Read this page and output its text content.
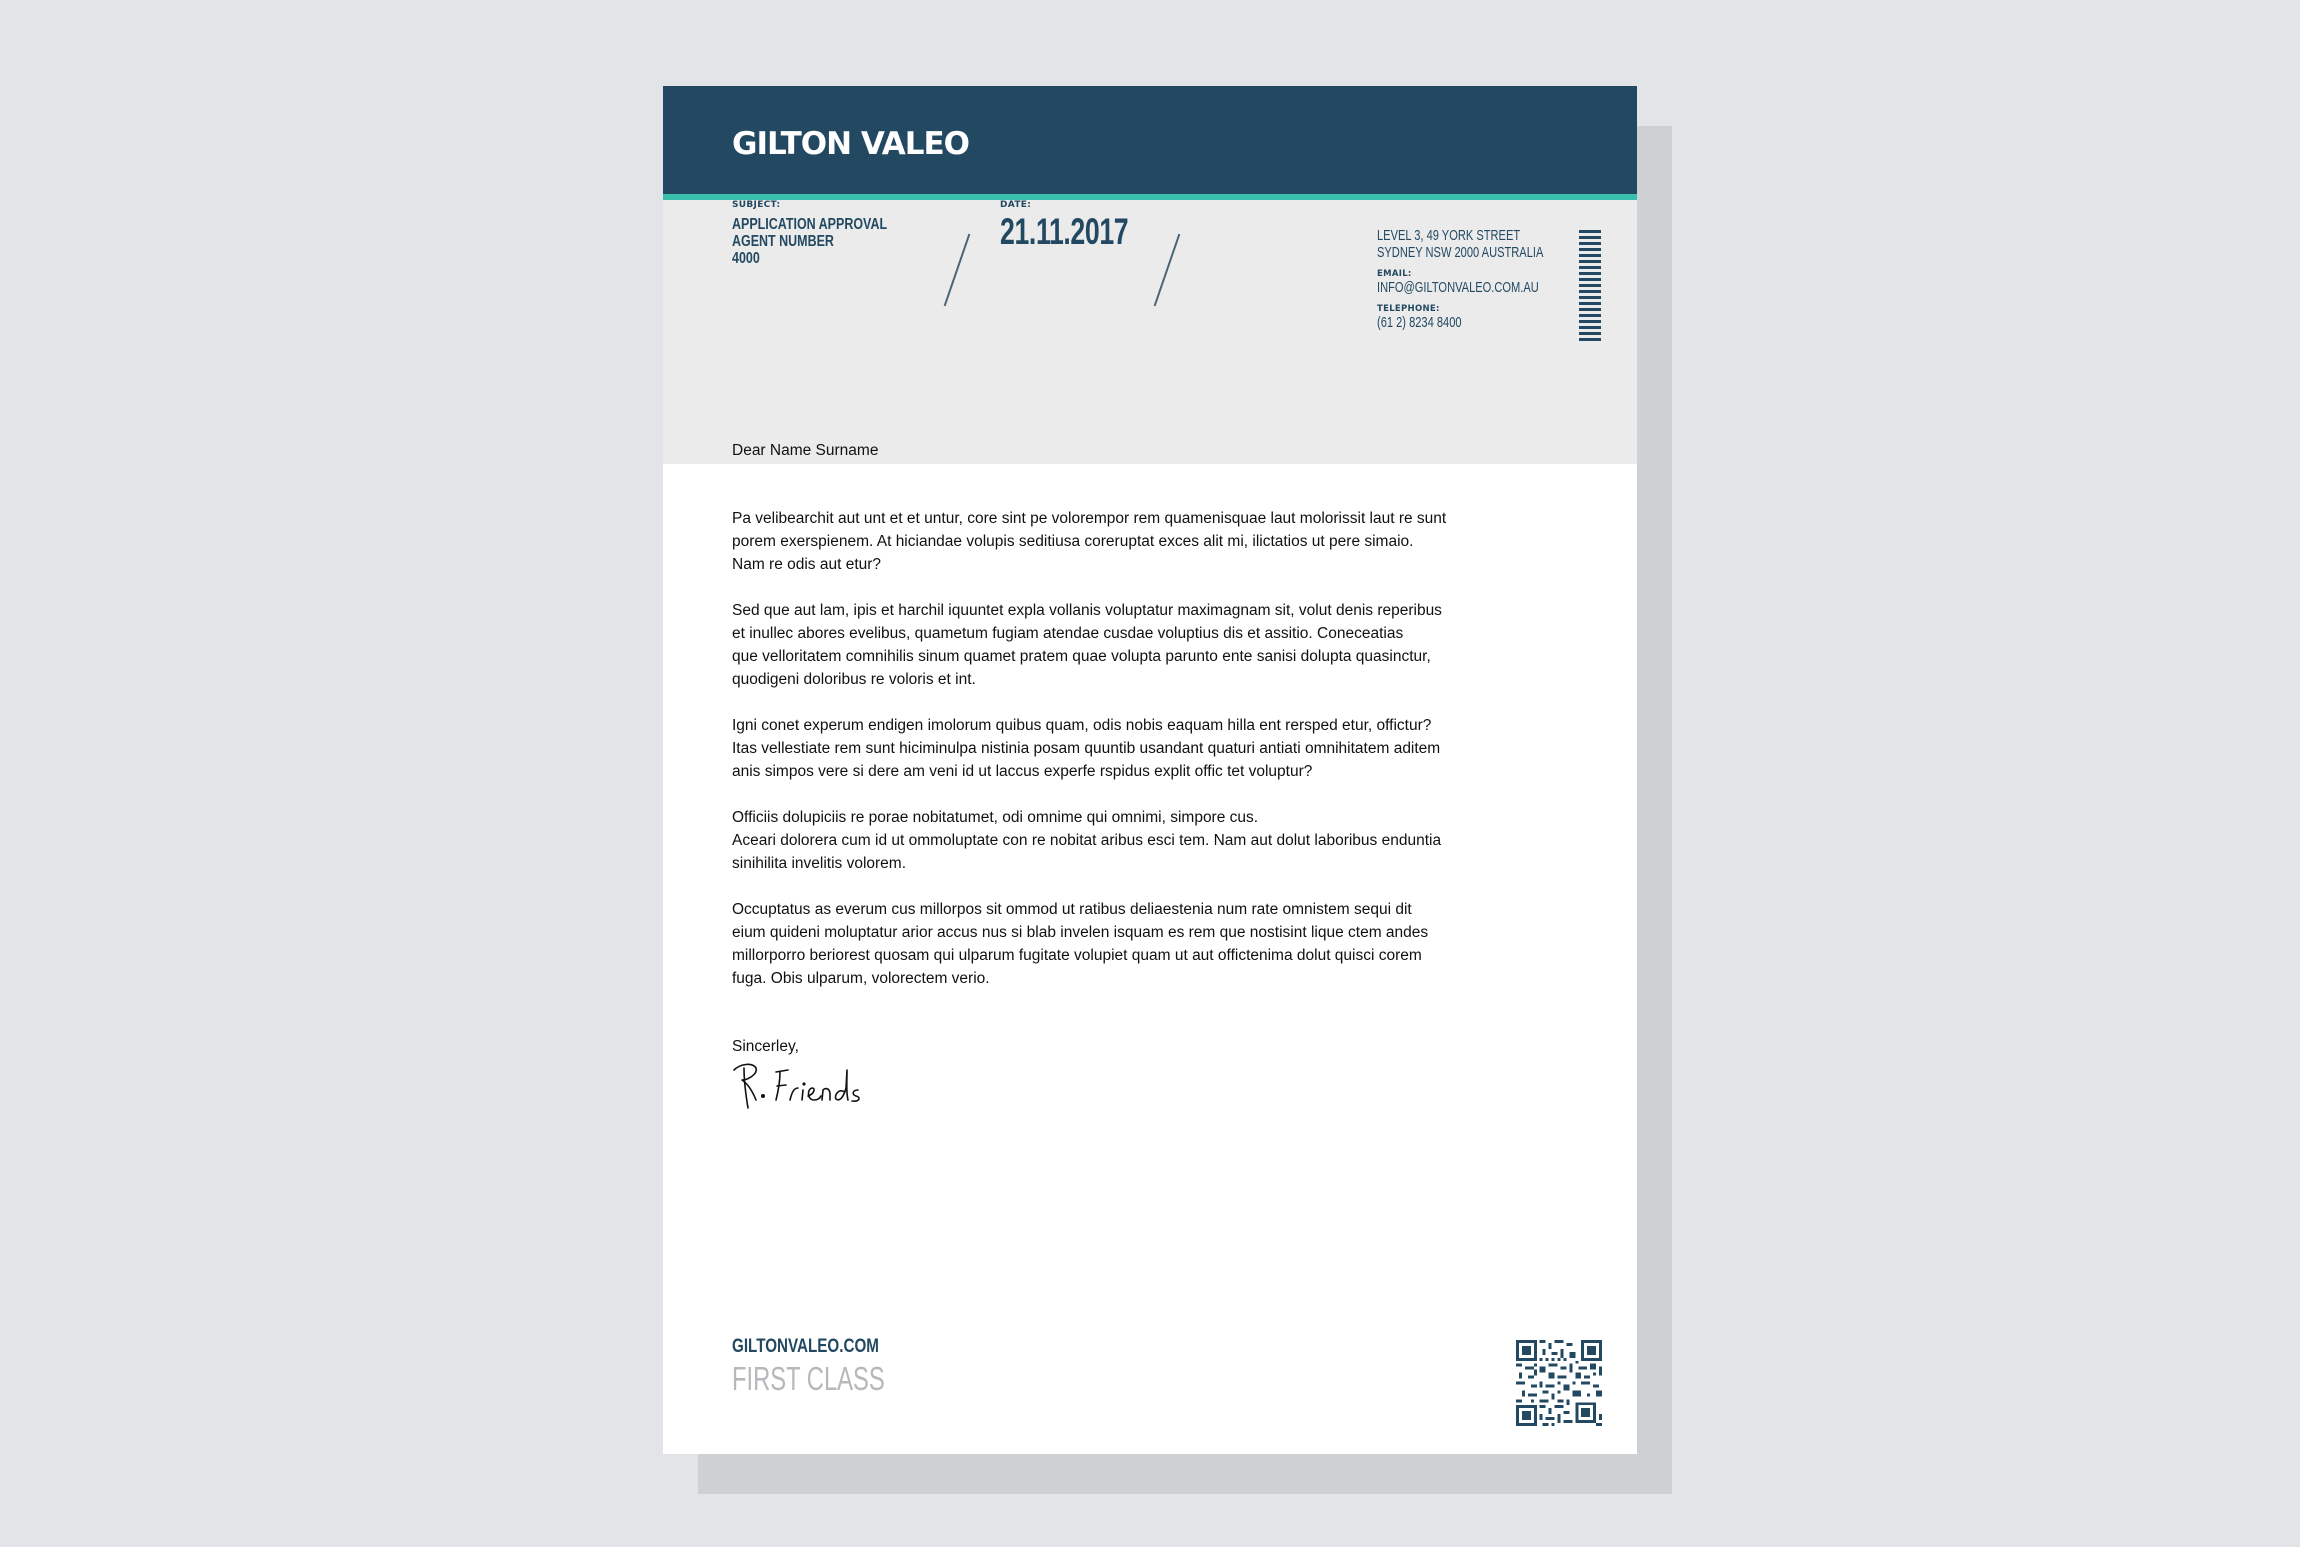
GILTON VALEO
SUBJECT:
APPLICATION APPROVAL
AGENT NUMBER
4000
DATE:
21.11.2017	LEVEL 3, 49 YORK STREET
SYDNEY NSW 2000 AUSTRALIA
EMAIL:
INFO@GILTONVALEO.COM.AU
TELEPHONE:
(61 2) 8234 8400

Dear Name Surname

Pa velibearchit aut unt et et untur, core sint pe volorempor rem quamenisquae laut molorissit laut re sunt
porem exerspienem. At hiciandae volupis seditiusa coreruptat exces alit mi, ilictatios ut pere simaio.
Nam re odis aut etur?

Sed que aut lam, ipis et harchil iquuntet expla vollanis voluptatur maximagnam sit, volut denis reperibus
et inullec abores evelibus, quametum fugiam atendae cusdae voluptius dis et assitio. Coneceatias
que velloritatem comnihilis sinum quamet pratem quae volupta parunto ente sanisi dolupta quasinctur,
quodigeni doloribus re voloris et int.

Igni conet experum endigen imolorum quibus quam, odis nobis eaquam hilla ent rersped etur, offictur?
Itas vellestiate rem sunt hiciminulpa nistinia posam quuntib usandant quaturi antiati omnihitatem aditem
anis simpos vere si dere am veni id ut laccus experfe rspidus explit offic tet voluptur?

Officiis dolupiciis re porae nobitatumet, odi omnime qui omnimi, simpore cus.
Aceari dolorera cum id ut ommoluptate con re nobitat aribus esci tem. Nam aut dolut laboribus enduntia
sinihilita invelitis volorem.

Occuptatus as everum cus millorpos sit ommod ut ratibus deliaestenia num rate omnistem sequi dit
eium quideni moluptatur arior accus nus si blab invelen isquam es rem que nostisint lique ctem andes
millorporro beriorest quosam qui ulparum fugitate volupiet quam ut aut offictenima dolut quisci corem
fuga. Obis ulparum, volorectem verio.

Sincerley,
GILTONVALEO.COM
FIRST CLASS
